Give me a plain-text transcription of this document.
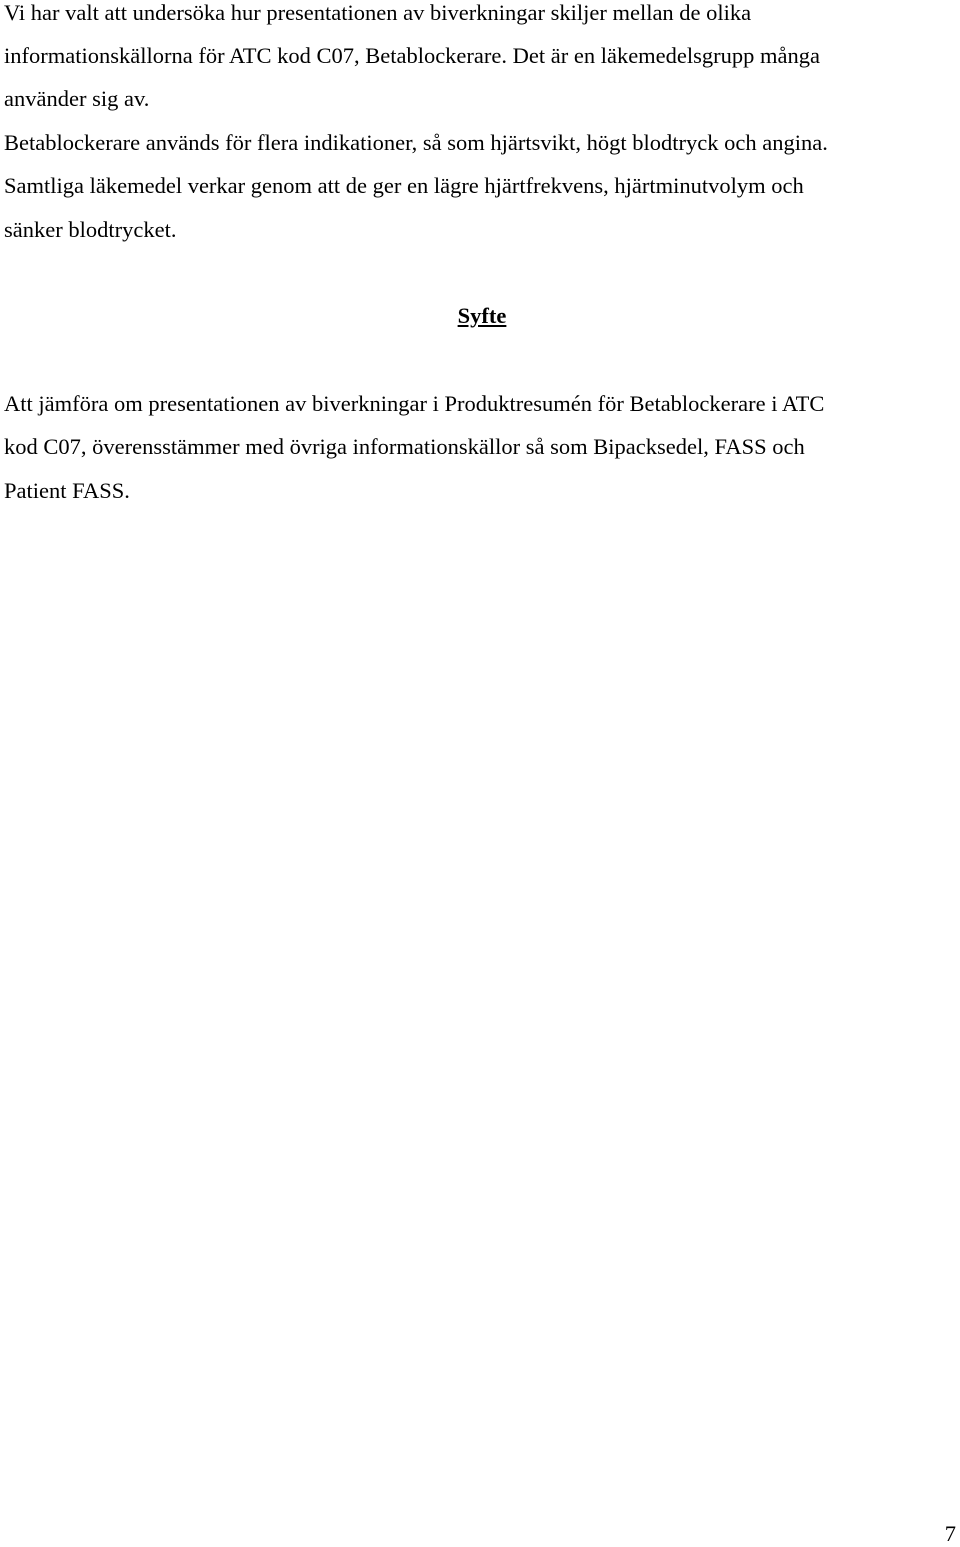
Vi har valt att undersöka hur presentationen av biverkningar skiljer mellan de olika

informationskällorna för ATC kod C07, Betablockerare. Det är en läkemedelsgrupp många

använder sig av.

Betablockerare används för flera indikationer, så som hjärtsvikt, högt blodtryck och angina.

Samtliga läkemedel verkar genom att de ger en lägre hjärtfrekvens, hjärtminutvolym och

sänker blodtrycket.

Syfte

Att jämföra om presentationen av biverkningar i Produktresumén för Betablockerare i ATC

kod C07, överensstämmer med övriga informationskällor så som Bipacksedel, FASS och

Patient FASS.

7
